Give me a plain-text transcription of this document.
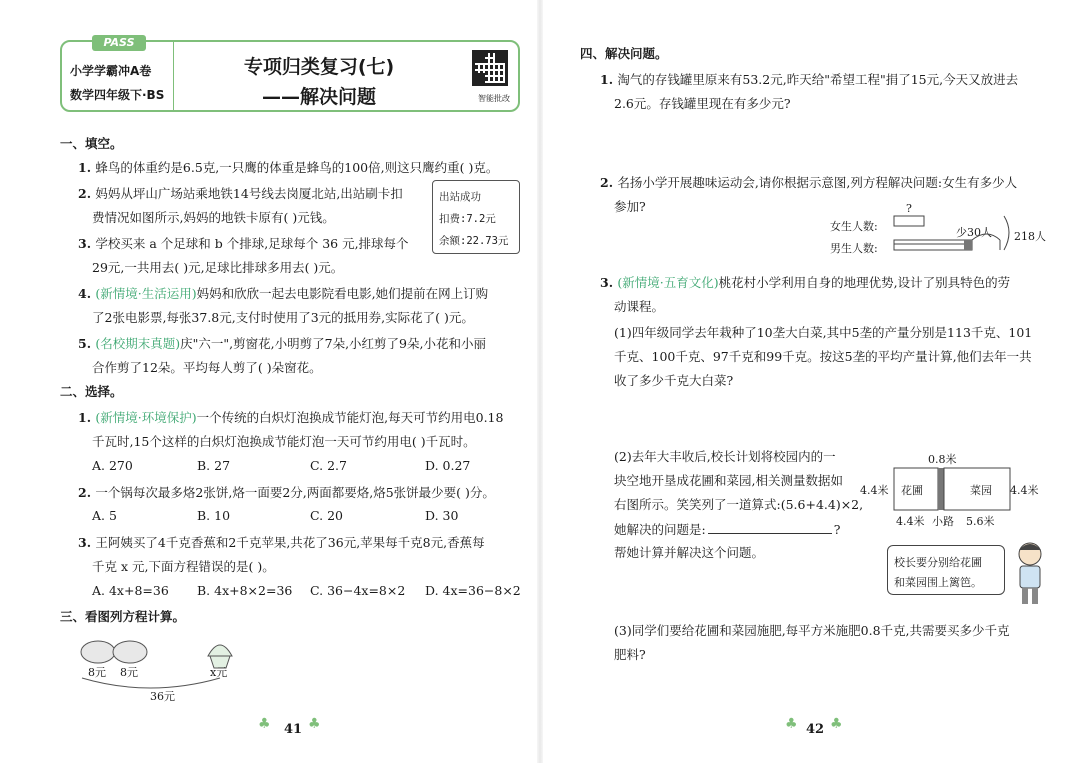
PASS
小学学霸冲A卷
数学四年级下·BS
专项归类复习(七)
——解决问题	智能批改
一、填空。
1. 蜂鸟的体重约是6.5克,一只鹰的体重是蜂鸟的100倍,则这只鹰约重( )克。
2. 妈妈从坪山广场站乘地铁14号线去岗厦北站,出站刷卡扣
费情况如图所示,妈妈的地铁卡原有( )元钱。
出站成功
扣费:7.2元
余额:22.73元
3. 学校买来 a 个足球和 b 个排球,足球每个 36 元,排球每个
29元,一共用去( )元,足球比排球多用去( )元。
4. (新情境·生活运用)妈妈和欣欣一起去电影院看电影,她们提前在网上订购
了2张电影票,每张37.8元,支付时使用了3元的抵用券,实际花了( )元。
5. (名校期末真题)庆"六一",剪窗花,小明剪了7朵,小红剪了9朵,小花和小丽
合作剪了12朵。平均每人剪了( )朵窗花。
二、选择。
1. (新情境·环境保护)一个传统的白炽灯泡换成节能灯泡,每天可节约用电0.18
千瓦时,15个这样的白炽灯泡换成节能灯泡一天可节约用电( )千瓦时。
A. 270	B. 27	C. 2.7	D. 0.27
2. 一个锅每次最多烙2张饼,烙一面要2分,两面都要烙,烙5张饼最少要( )分。
A. 5	B. 10	C. 20	D. 30
3. 王阿姨买了4千克香蕉和2千克苹果,共花了36元,苹果每千克8元,香蕉每
千克 x 元,下面方程错误的是( )。
A. 4x+8=36 B. 4x+8×2=36 C. 36−4x=8×2 D. 4x=36−8×2
三、看图列方程计算。
8元 8元	x元
36元
♣ 41 ♣
四、解决问题。
1. 淘气的存钱罐里原来有53.2元,昨天给"希望工程"捐了15元,今天又放进去
2.6元。存钱罐里现在有多少元?
2. 名扬小学开展趣味运动会,请你根据示意图,列方程解决问题:女生有多少人
参加?
女生人数:
男生人数:
?
少30人 218人
3. (新情境·五育文化)桃花村小学利用自身的地理优势,设计了别具特色的劳
动课程。
(1)四年级同学去年栽种了10垄大白菜,其中5垄的产量分别是113千克、101
千克、100千克、97千克和99千克。按这5垄的平均产量计算,他们去年一共
收了多少千克大白菜?
(2)去年大丰收后,校长计划将校园内的一
块空地开垦成花圃和菜园,相关测量数据如
右图所示。笑笑列了一道算式:(5.6+4.4)×2,
她解决的问题是:	?
帮她计算并解决这个问题。
0.8米
花圃	菜园
4.4米	4.4米
4.4米 小路 5.6米
校长要分别给花圃
和菜园围上篱笆。
(3)同学们要给花圃和菜园施肥,每平方米施肥0.8千克,共需要买多少千克
肥料?
♣ 42 ♣
